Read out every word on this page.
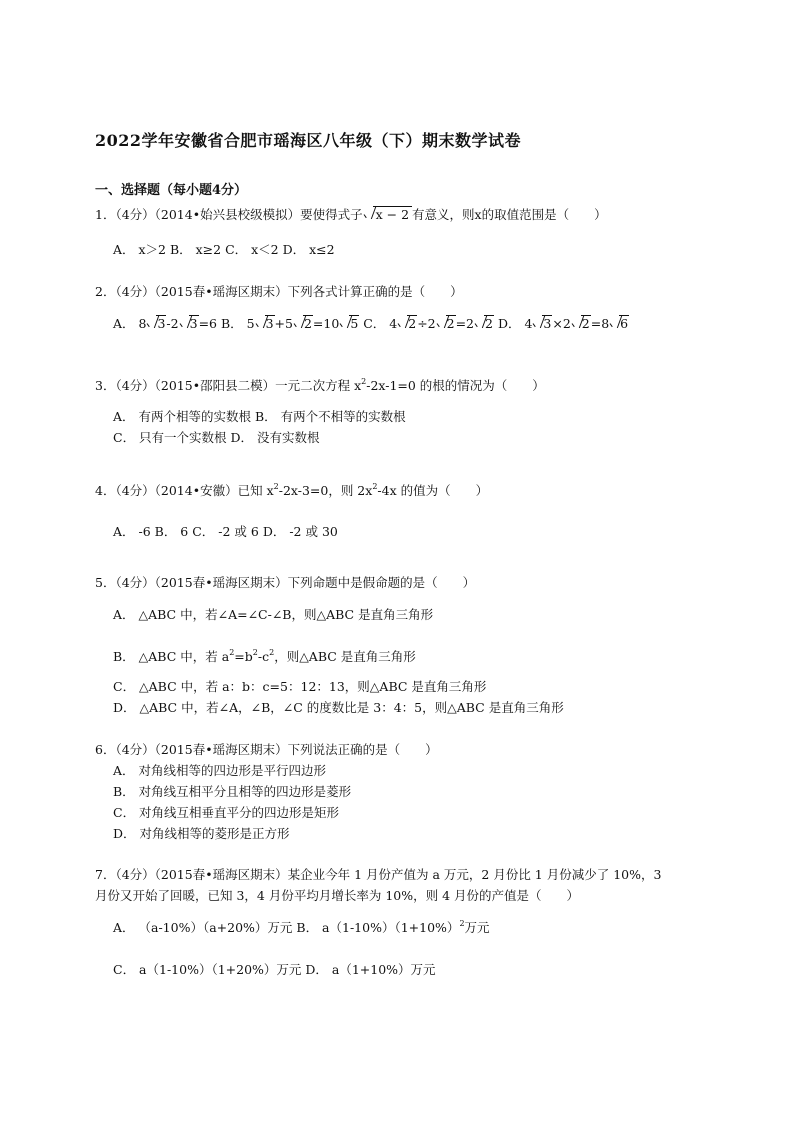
2022学年安徽省合肥市瑶海区八年级（下）期末数学试卷
一、选择题（每小题4分）
1．（4分）（2014•始兴县校级模拟）要使得式子 x − 2 有意义，则x的取值范围是（　　）
A． x＞2 B． x≥2 C． x＜2 D． x≤2
2．（4分）（2015春•瑶海区期末）下列各式计算正确的是（　　）
A． 8 3-2 3=6 B． 5 3+5 2=10 5 C． 4 2÷2 2=2 2 D． 4 3×2 2=8 6
3．（4分）（2015•邵阳县二模）一元二次方程 $x^2-2x-1=0$ 的根的情况为（　　）
A． 有两个相等的实数根 B． 有两个不相等的实数根
C． 只有一个实数根 D． 没有实数根
4．（4分）（2014•安徽）已知 $x^2-2x-3=0$，则 $2x^2-4x$ 的值为（　　）
A． -6 B． 6 C． -2 或 6 D． -2 或 30
5．（4分）（2015春•瑶海区期末）下列命题中是假命题的是（　　）
A． △ABC 中，若∠A=∠C-∠B，则△ABC 是直角三角形
B． △ABC 中，若 $a^2=b^2-c^2$，则△ABC 是直角三角形
C． △ABC 中，若 a：b：c=5：12：13，则△ABC 是直角三角形
D． △ABC 中，若∠A，∠B，∠C 的度数比是 3：4：5，则△ABC 是直角三角形
6．（4分）（2015春•瑶海区期末）下列说法正确的是（　　）
A． 对角线相等的四边形是平行四边形
B． 对角线互相平分且相等的四边形是菱形
C． 对角线互相垂直平分的四边形是矩形
D． 对角线相等的菱形是正方形
7．（4分）（2015春•瑶海区期末）某企业今年 1 月份产值为 a 万元，2 月份比 1 月份减少了 10%，3
月份又开始了回暖，已知 3，4 月份平均月增长率为 10%，则 4 月份的产值是（　　）
A． （a-10%）（a+20%）万元 B． $a(1-10\%)(1+10\%)^2$万元
C． a（1-10%）（1+20%）万元 D． a（1+10%）万元
